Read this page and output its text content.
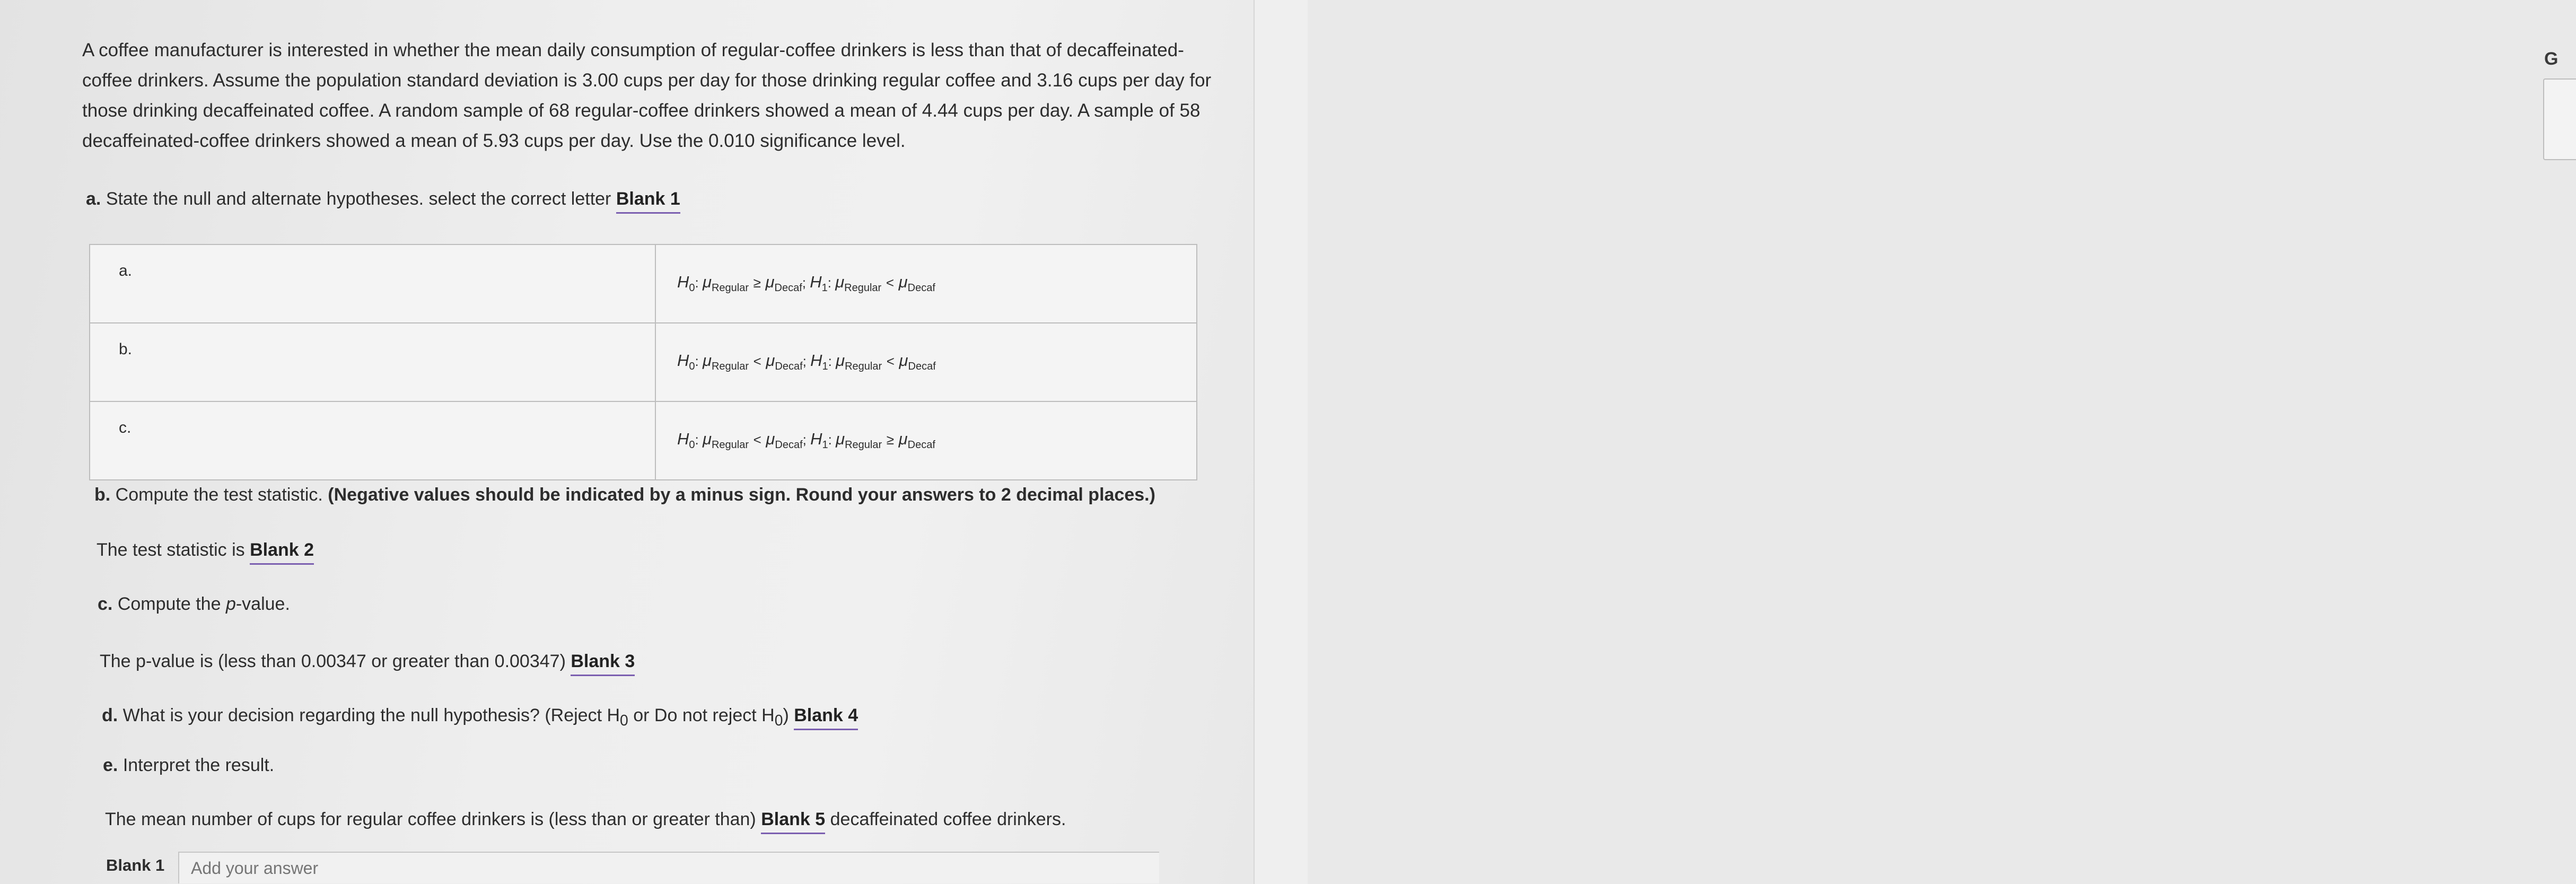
A coffee manufacturer is interested in whether the mean daily consumption of regular-coffee drinkers is less than that of decaffeinated-coffee drinkers. Assume the population standard deviation is 3.00 cups per day for those drinking regular coffee and 3.16 cups per day for those drinking decaffeinated coffee. A random sample of 68 regular-coffee drinkers showed a mean of 4.44 cups per day. A sample of 58 decaffeinated-coffee drinkers showed a mean of 5.93 cups per day. Use the 0.010 significance level.
a. State the null and alternate hypotheses. select the correct letter Blank 1
a.	$H_0$: $\mu_{Regular} \ge \mu_{Decaf}$; $H_1$: $\mu_{Regular} < \mu_{Decaf}$
b.	$H_0$: $\mu_{Regular} < \mu_{Decaf}$; $H_1$: $\mu_{Regular} < \mu_{Decaf}$
c.	$H_0$: $\mu_{Regular} < \mu_{Decaf}$; $H_1$: $\mu_{Regular} \ge \mu_{Decaf}$
b. Compute the test statistic. (Negative values should be indicated by a minus sign. Round your answers to 2 decimal places.)
The test statistic is Blank 2
c. Compute the p-value.
The p-value is (less than 0.00347 or greater than 0.00347) Blank 3
d. What is your decision regarding the null hypothesis? (Reject $H_0$ or Do not reject $H_0$) Blank 4
e. Interpret the result.
The mean number of cups for regular coffee drinkers is (less than or greater than) Blank 5 decaffeinated coffee drinkers.
Blank 1
Add your answer
G
